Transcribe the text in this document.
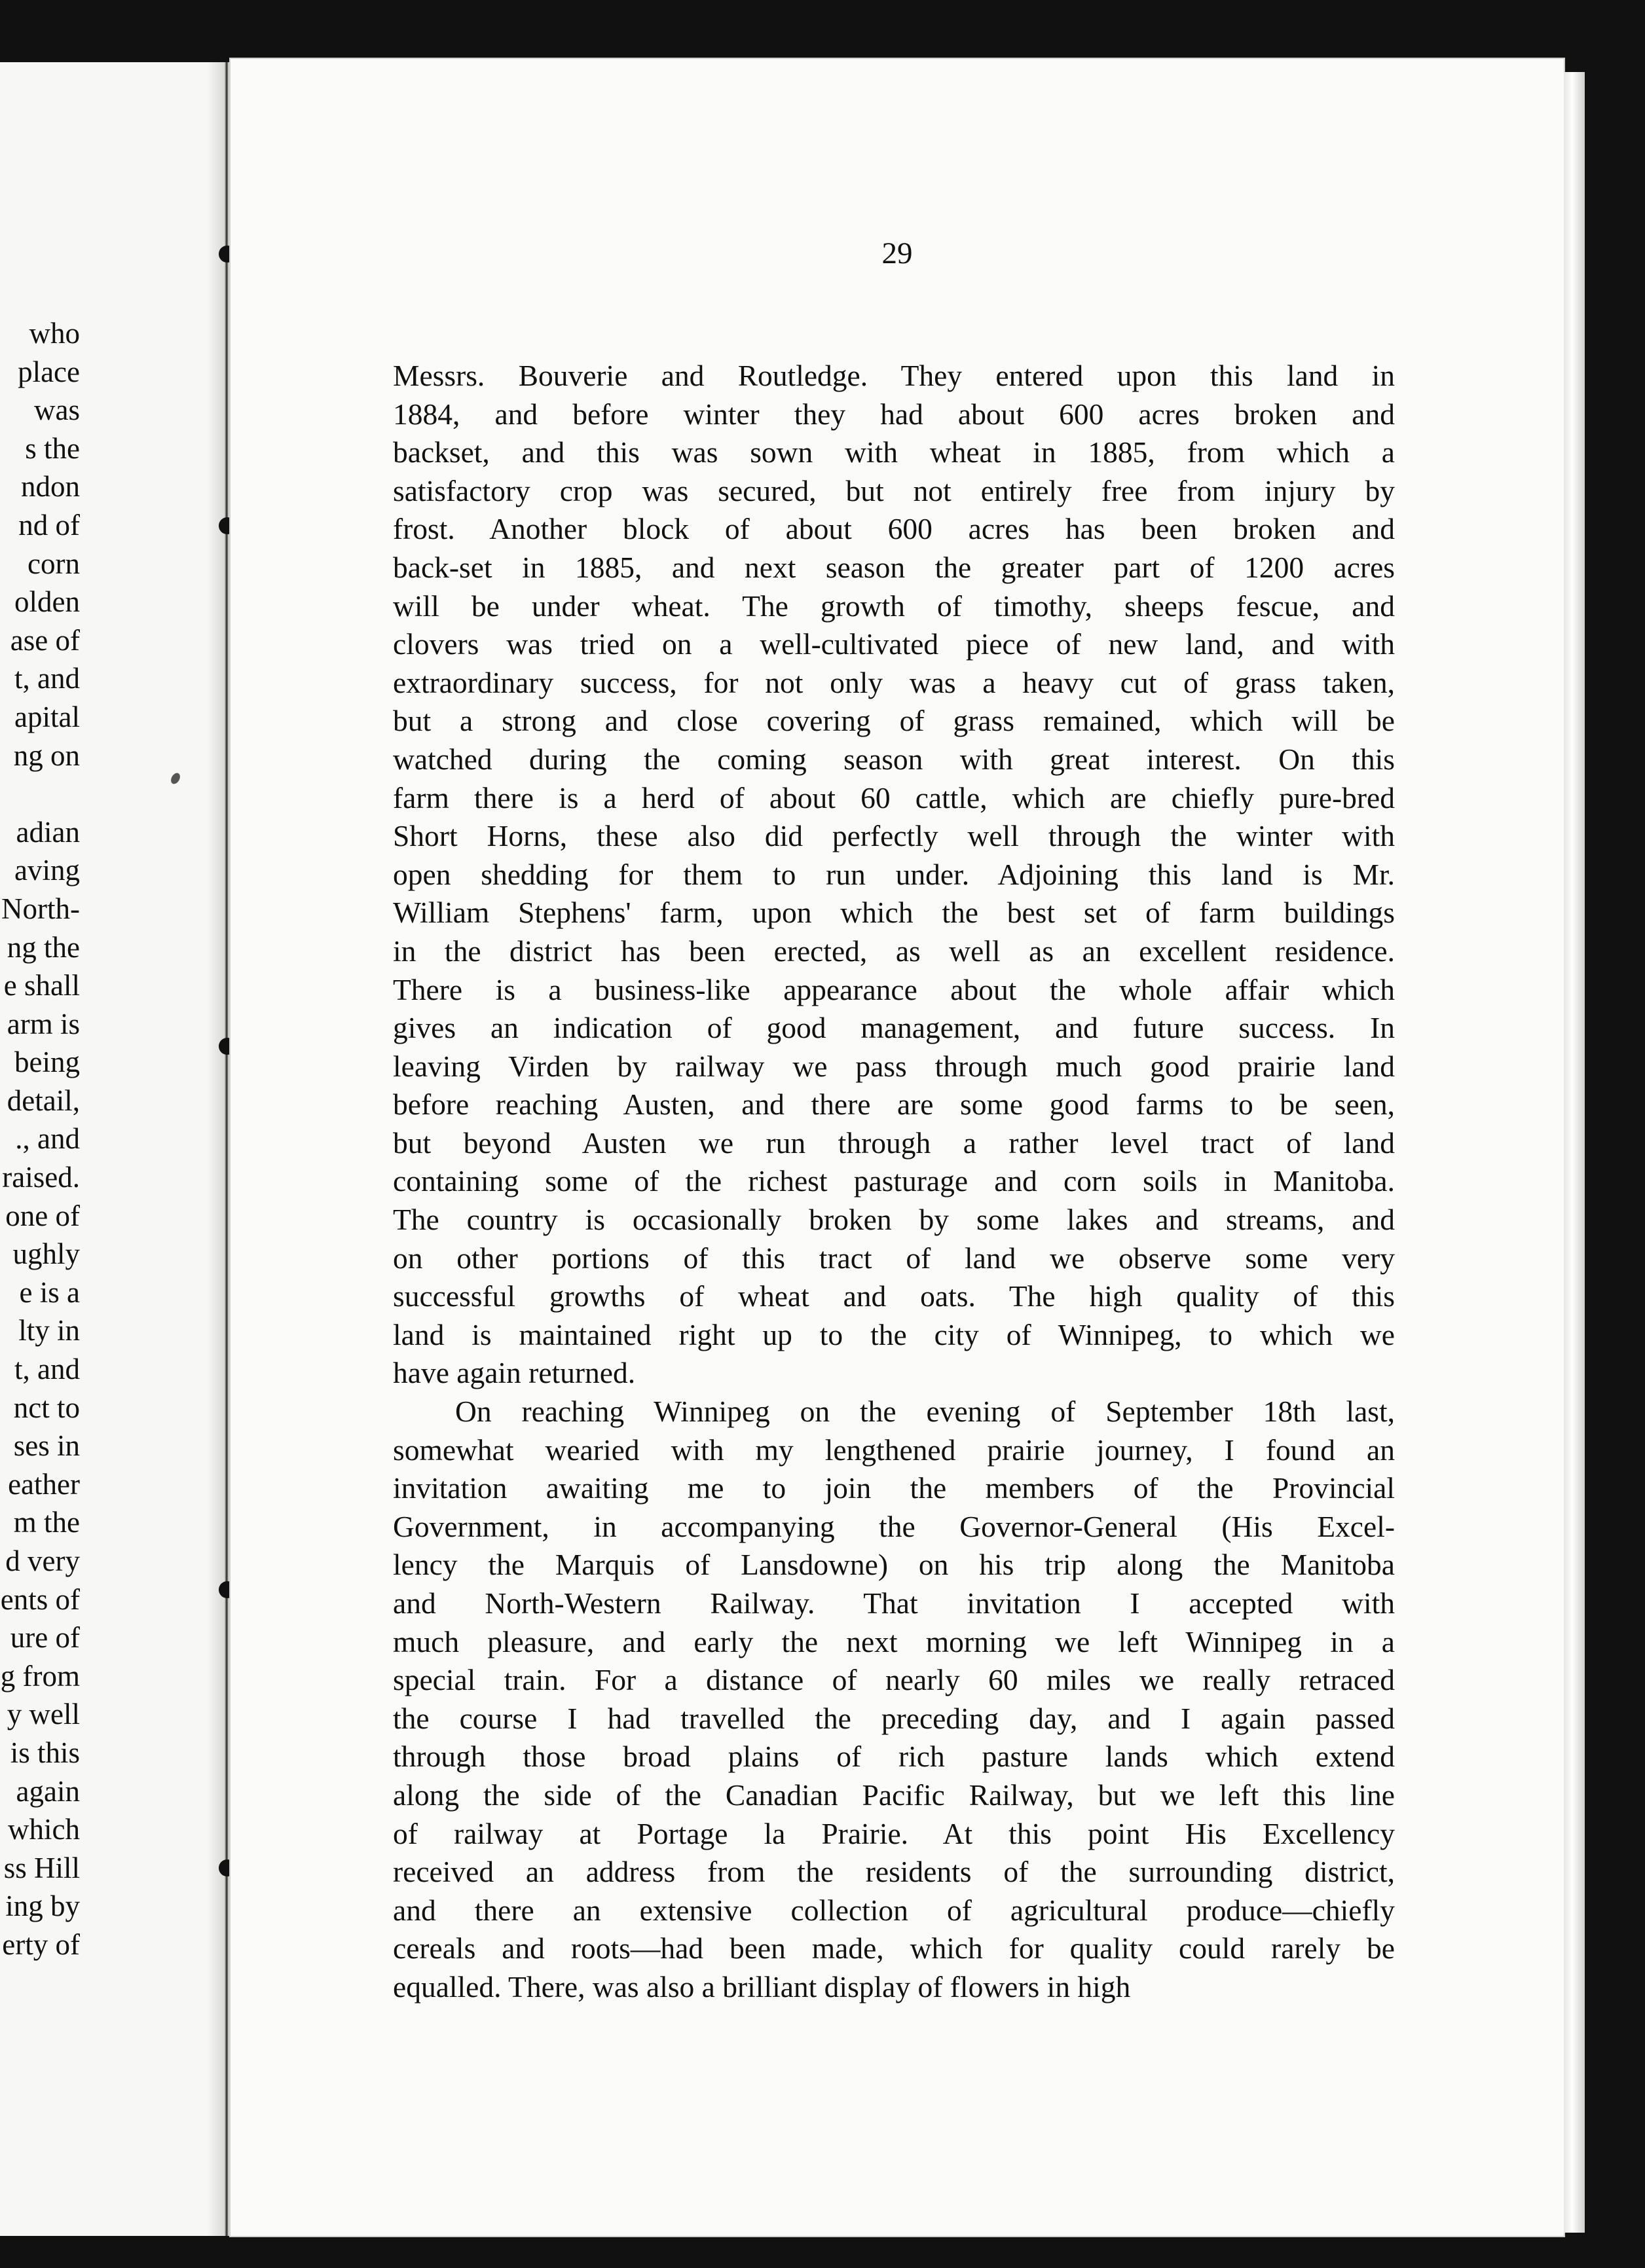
who
place
was
s the
ndon
nd of
corn
olden
ase of
t, and
apital
ng on
adian
aving
North-
ng the
e shall
arm is
being
detail,
., and
raised.
one of
ughly
e is a
lty in
t, and
nct to
ses in
eather
m the
d very
ents of
ure of
g from
y well
is this
again
which
ss Hill
ing by
erty of
29
Messrs. Bouverie and Routledge. They entered upon this land in
1884, and before winter they had about 600 acres broken and
backset, and this was sown with wheat in 1885, from which a
satisfactory crop was secured, but not entirely free from injury by
frost. Another block of about 600 acres has been broken and
back-set in 1885, and next season the greater part of 1200 acres
will be under wheat. The growth of timothy, sheeps fescue, and
clovers was tried on a well-cultivated piece of new land, and with
extraordinary success, for not only was a heavy cut of grass taken,
but a strong and close covering of grass remained, which will be
watched during the coming season with great interest. On this
farm there is a herd of about 60 cattle, which are chiefly pure-bred
Short Horns, these also did perfectly well through the winter with
open shedding for them to run under. Adjoining this land is Mr.
William Stephens' farm, upon which the best set of farm buildings
in the district has been erected, as well as an excellent residence.
There is a business-like appearance about the whole affair which
gives an indication of good management, and future success. In
leaving Virden by railway we pass through much good prairie land
before reaching Austen, and there are some good farms to be seen,
but beyond Austen we run through a rather level tract of land
containing some of the richest pasturage and corn soils in Manitoba.
The country is occasionally broken by some lakes and streams, and
on other portions of this tract of land we observe some very
successful growths of wheat and oats. The high quality of this
land is maintained right up to the city of Winnipeg, to which we
have again returned.
On reaching Winnipeg on the evening of September 18th last,
somewhat wearied with my lengthened prairie journey, I found an
invitation awaiting me to join the members of the Provincial
Government, in accompanying the Governor-General (His Excel-
lency the Marquis of Lansdowne) on his trip along the Manitoba
and North-Western Railway. That invitation I accepted with
much pleasure, and early the next morning we left Winnipeg in a
special train. For a distance of nearly 60 miles we really retraced
the course I had travelled the preceding day, and I again passed
through those broad plains of rich pasture lands which extend
along the side of the Canadian Pacific Railway, but we left this line
of railway at Portage la Prairie. At this point His Excellency
received an address from the residents of the surrounding district,
and there an extensive collection of agricultural produce—chiefly
cereals and roots—had been made, which for quality could rarely be
equalled. There, was also a brilliant display of flowers in high
